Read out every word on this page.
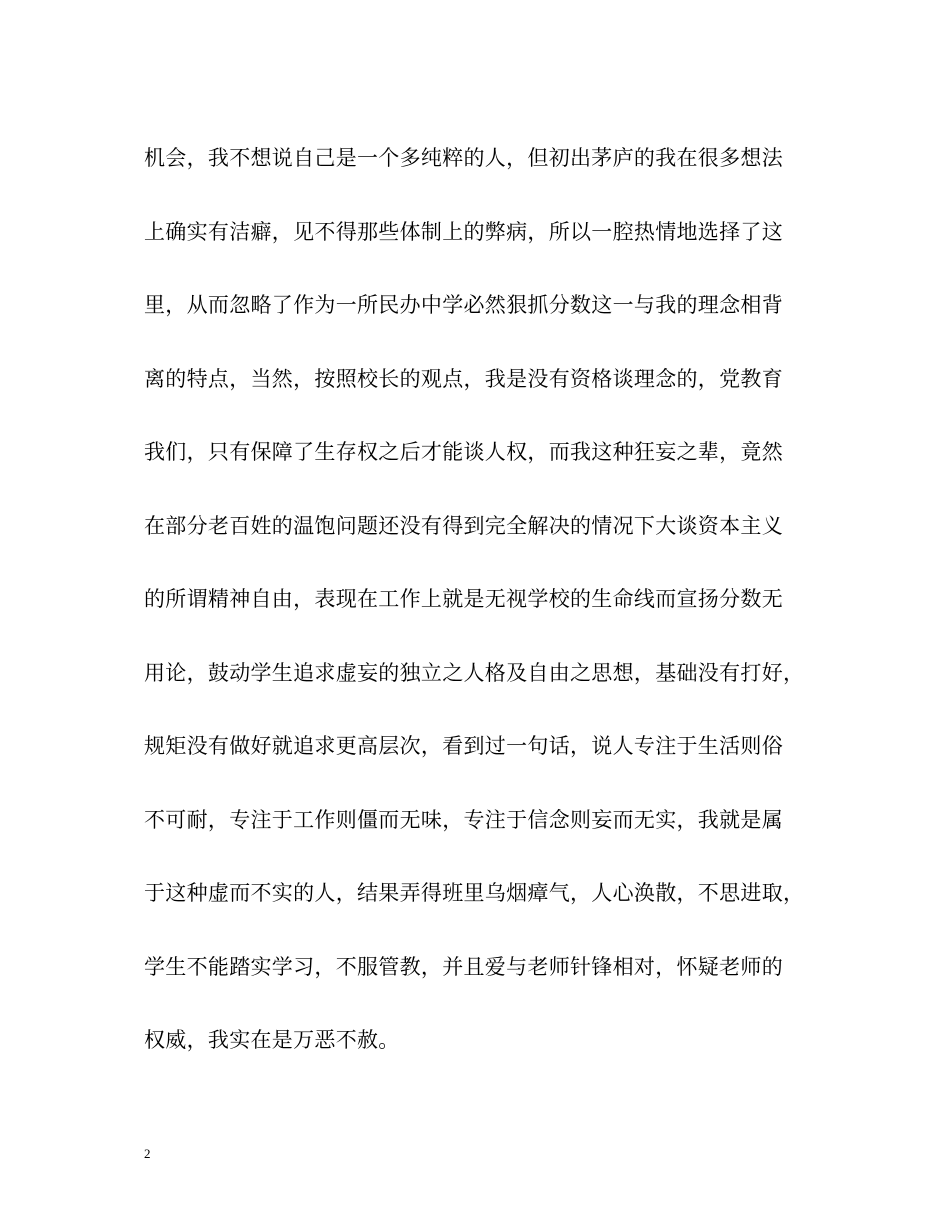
机会，我不想说自己是一个多纯粹的人，但初出茅庐的我在很多想法
上确实有洁癖，见不得那些体制上的弊病，所以一腔热情地选择了这
里，从而忽略了作为一所民办中学必然狠抓分数这一与我的理念相背
离的特点，当然，按照校长的观点，我是没有资格谈理念的，党教育
我们，只有保障了生存权之后才能谈人权，而我这种狂妄之辈，竟然
在部分老百姓的温饱问题还没有得到完全解决的情况下大谈资本主义
的所谓精神自由，表现在工作上就是无视学校的生命线而宣扬分数无
用论，鼓动学生追求虚妄的独立之人格及自由之思想，基础没有打好，
规矩没有做好就追求更高层次，看到过一句话，说人专注于生活则俗
不可耐，专注于工作则僵而无味，专注于信念则妄而无实，我就是属
于这种虚而不实的人，结果弄得班里乌烟瘴气，人心涣散，不思进取，
学生不能踏实学习，不服管教，并且爱与老师针锋相对，怀疑老师的
权威，我实在是万恶不赦。
2
